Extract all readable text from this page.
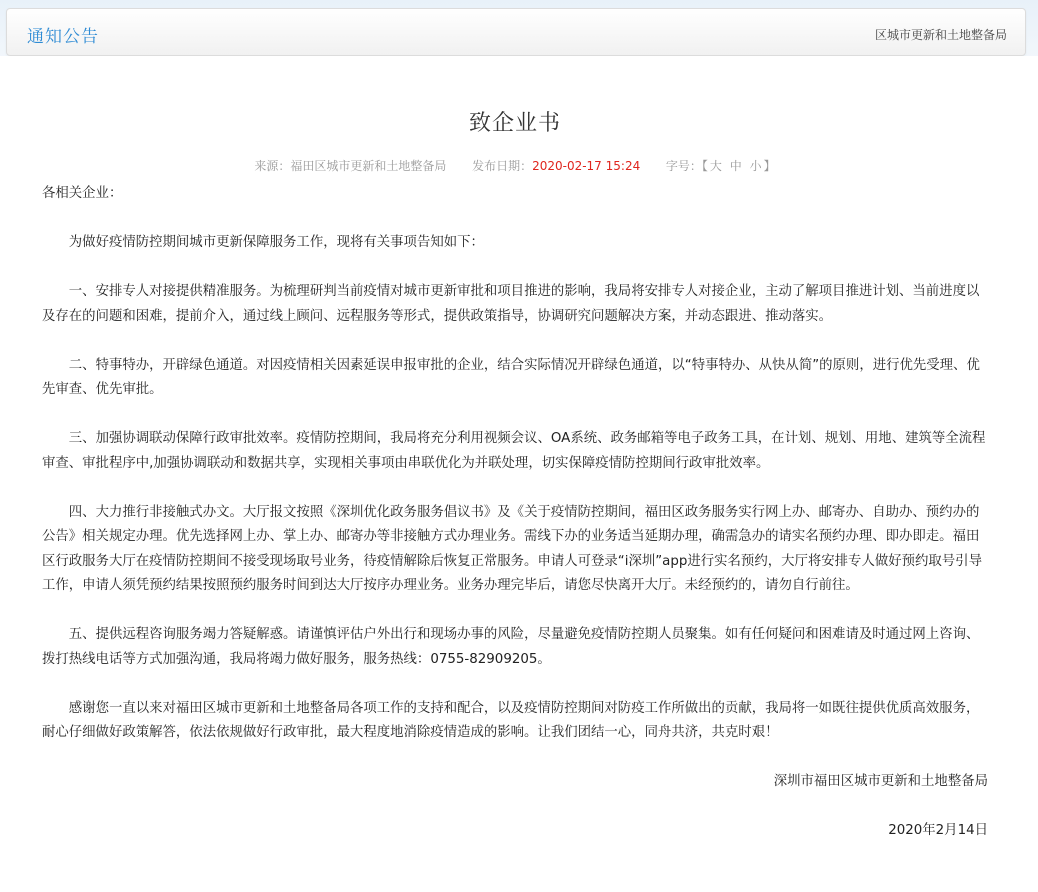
通知公告	区城市更新和土地整备局
致企业书
来源：福田区城市更新和土地整备局 发布日期：2020-02-17 15:24 字号：【 大 中 小 】

各相关企业：

为做好疫情防控期间城市更新保障服务工作，现将有关事项告知如下：

一、安排专人对接提供精准服务。为梳理研判当前疫情对城市更新审批和项目推进的影响，我局将安排专人对接企业，主动了解项目推进计划、当前进度以及存在的问题和困难，提前介入，通过线上顾问、远程服务等形式，提供政策指导，协调研究问题解决方案，并动态跟进、推动落实。

二、特事特办，开辟绿色通道。对因疫情相关因素延误申报审批的企业，结合实际情况开辟绿色通道，以“特事特办、从快从简”的原则，进行优先受理、优先审查、优先审批。

三、加强协调联动保障行政审批效率。疫情防控期间，我局将充分利用视频会议、OA系统、政务邮箱等电子政务工具，在计划、规划、用地、建筑等全流程审查、审批程序中,加强协调联动和数据共享，实现相关事项由串联优化为并联处理，切实保障疫情防控期间行政审批效率。

四、大力推行非接触式办文。大厅报文按照《深圳优化政务服务倡议书》及《关于疫情防控期间，福田区政务服务实行网上办、邮寄办、自助办、预约办的公告》相关规定办理。优先选择网上办、掌上办、邮寄办等非接触方式办理业务。需线下办的业务适当延期办理，确需急办的请实名预约办理、即办即走。福田区行政服务大厅在疫情防控期间不接受现场取号业务，待疫情解除后恢复正常服务。申请人可登录“i深圳”app进行实名预约，大厅将安排专人做好预约取号引导工作，申请人须凭预约结果按照预约服务时间到达大厅按序办理业务。业务办理完毕后，请您尽快离开大厅。未经预约的，请勿自行前往。

五、提供远程咨询服务竭力答疑解惑。请谨慎评估户外出行和现场办事的风险，尽量避免疫情防控期人员聚集。如有任何疑问和困难请及时通过网上咨询、拨打热线电话等方式加强沟通，我局将竭力做好服务，服务热线：0755-82909205。

感谢您一直以来对福田区城市更新和土地整备局各项工作的支持和配合，以及疫情防控期间对防疫工作所做出的贡献，我局将一如既往提供优质高效服务，耐心仔细做好政策解答，依法依规做好行政审批，最大程度地消除疫情造成的影响。让我们团结一心，同舟共济，共克时艰！

深圳市福田区城市更新和土地整备局

2020年2月14日
